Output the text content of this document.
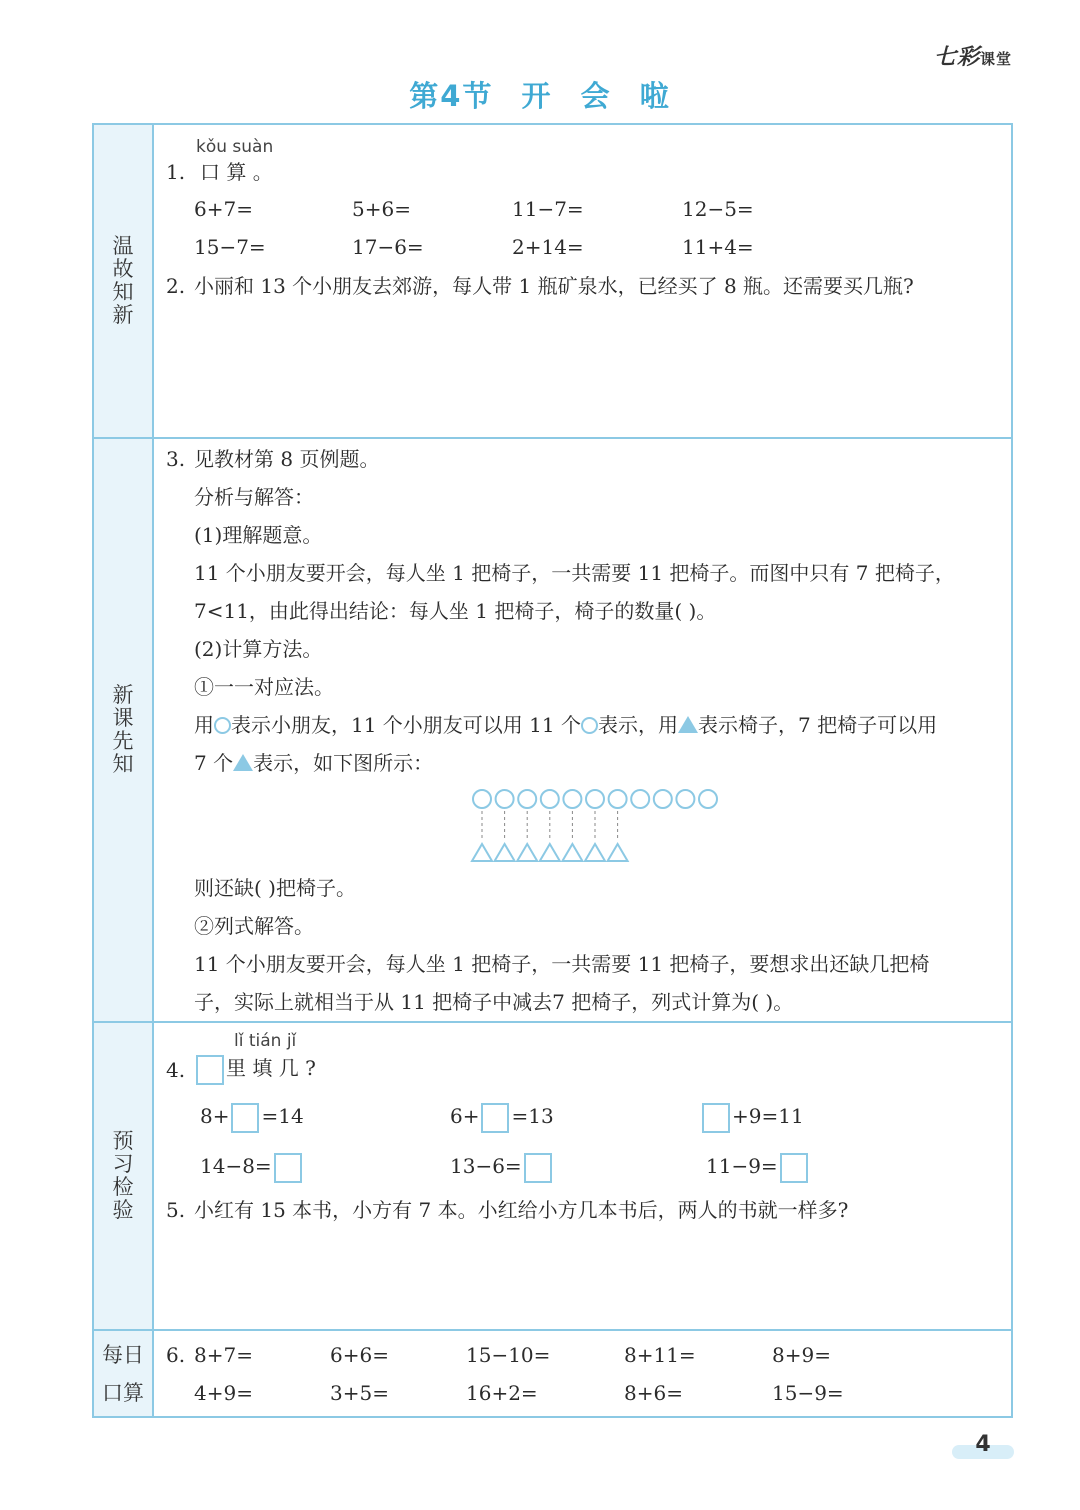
七彩课堂
第4节 开 会 啦
温故知新
新课先知
预习检验
每日
口算
kǒu suàn
1. 口 算 。
6+7=	5+6=	11−7=	12−5=
15−7=	17−6=	2+14=	11+4=
2. 小丽和 13 个小朋友去郊游，每人带 1 瓶矿泉水，已经买了 8 瓶。还需要买几瓶?
3. 见教材第 8 页例题。
分析与解答：
(1)理解题意。
11 个小朋友要开会，每人坐 1 把椅子，一共需要 11 把椅子。而图中只有 7 把椅子，
7<11，由此得出结论：每人坐 1 把椅子，椅子的数量( )。
(2)计算方法。
①一一对应法。
用 表示小朋友，11 个小朋友可以用 11 个 表示，用 表示椅子，7 把椅子可以用
7 个 表示，如下图所示：
则还缺( )把椅子。
②列式解答。
11 个小朋友要开会，每人坐 1 把椅子，一共需要 11 把椅子，要想求出还缺几把椅
子，实际上就相当于从 11 把椅子中减去7 把椅子，列式计算为( )。
lǐ tián jǐ
4.	里 填 几 ?
8+ =14	6+ =13	+9=11
14−8=	13−6=	11−9=
5. 小红有 15 本书，小方有 7 本。小红给小方几本书后，两人的书就一样多?
6. 8+7=	6+6=	15−10=	8+11=	8+9=
4+9=	3+5=	16+2=	8+6=	15−9=
4
